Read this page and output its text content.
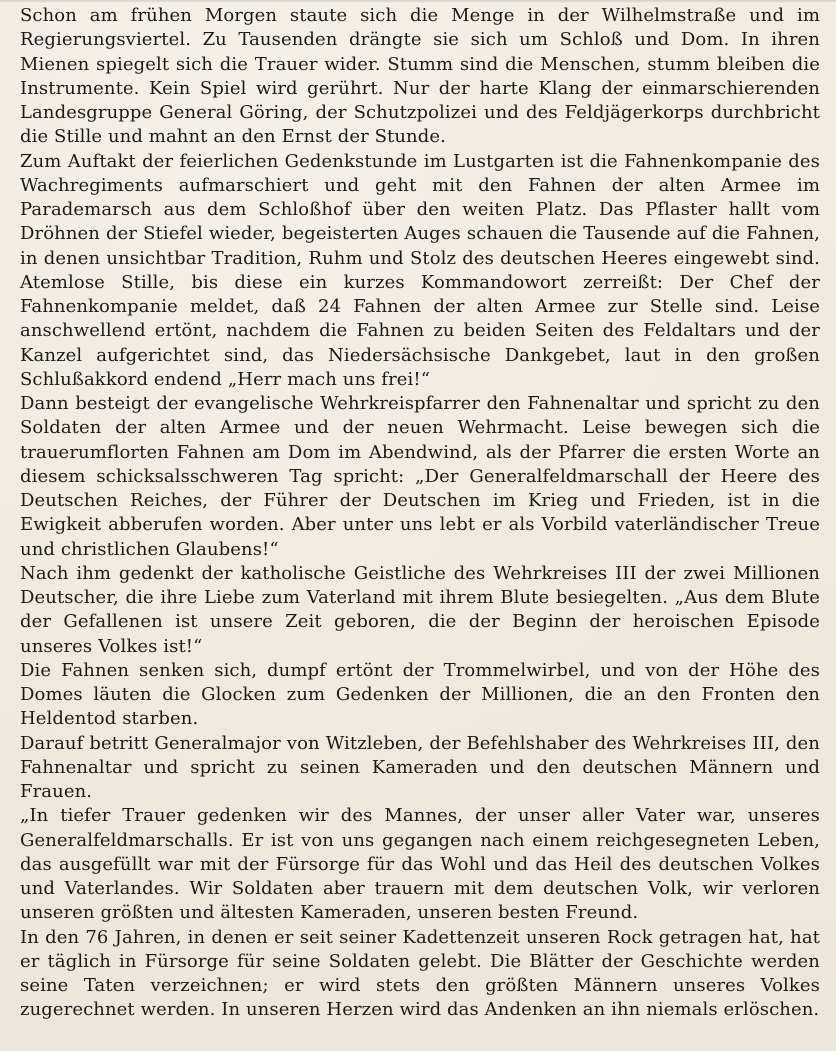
Schon am frühen Morgen staute sich die Menge in der Wilhelmstraße und im Regierungsviertel. Zu Tausenden drängte sie sich um Schloß und Dom. In ihren Mienen spiegelt sich die Trauer wider. Stumm sind die Menschen, stumm bleiben die Instrumente. Kein Spiel wird gerührt. Nur der harte Klang der einmarschierenden Landesgruppe General Göring, der Schutzpolizei und des Feldjägerkorps durchbricht die Stille und mahnt an den Ernst der Stunde.

Zum Auftakt der feierlichen Gedenkstunde im Lustgarten ist die Fahnenkompanie des Wachregiments aufmarschiert und geht mit den Fahnen der alten Armee im Parademarsch aus dem Schloßhof über den weiten Platz. Das Pflaster hallt vom Dröhnen der Stiefel wieder, begeisterten Auges schauen die Tausende auf die Fahnen, in denen unsichtbar Tradition, Ruhm und Stolz des deutschen Heeres eingewebt sind. Atemlose Stille, bis diese ein kurzes Kommandowort zerreißt: Der Chef der Fahnenkompanie meldet, daß 24 Fahnen der alten Armee zur Stelle sind. Leise anschwellend ertönt, nachdem die Fahnen zu beiden Seiten des Feldaltars und der Kanzel aufgerichtet sind, das Niedersächsische Dankgebet, laut in den großen Schlußakkord endend „Herr mach uns frei!“

Dann besteigt der evangelische Wehrkreispfarrer den Fahnenaltar und spricht zu den Soldaten der alten Armee und der neuen Wehrmacht. Leise bewegen sich die trauerumflorten Fahnen am Dom im Abendwind, als der Pfarrer die ersten Worte an diesem schicksalsschweren Tag spricht: „Der Generalfeldmarschall der Heere des Deutschen Reiches, der Führer der Deutschen im Krieg und Frieden, ist in die Ewigkeit abberufen worden. Aber unter uns lebt er als Vorbild vaterländischer Treue und christlichen Glaubens!“

Nach ihm gedenkt der katholische Geistliche des Wehrkreises III der zwei Millionen Deutscher, die ihre Liebe zum Vaterland mit ihrem Blute besiegelten. „Aus dem Blute der Gefallenen ist unsere Zeit geboren, die der Beginn der heroischen Episode unseres Volkes ist!“

Die Fahnen senken sich, dumpf ertönt der Trommelwirbel, und von der Höhe des Domes läuten die Glocken zum Gedenken der Millionen, die an den Fronten den Heldentod starben.

Darauf betritt Generalmajor von Witzleben, der Befehlshaber des Wehrkreises III, den Fahnenaltar und spricht zu seinen Kameraden und den deutschen Männern und Frauen.

„In tiefer Trauer gedenken wir des Mannes, der unser aller Vater war, unseres Generalfeldmarschalls. Er ist von uns gegangen nach einem reichgesegneten Leben, das ausgefüllt war mit der Fürsorge für das Wohl und das Heil des deutschen Volkes und Vaterlandes. Wir Soldaten aber trauern mit dem deutschen Volk, wir verloren unseren größten und ältesten Kameraden, unseren besten Freund.

In den 76 Jahren, in denen er seit seiner Kadettenzeit unseren Rock getragen hat, hat er täglich in Fürsorge für seine Soldaten gelebt. Die Blätter der Geschichte werden seine Taten verzeichnen; er wird stets den größten Männern unseres Volkes zugerechnet werden. In unseren Herzen wird das Andenken an ihn niemals erlöschen.
